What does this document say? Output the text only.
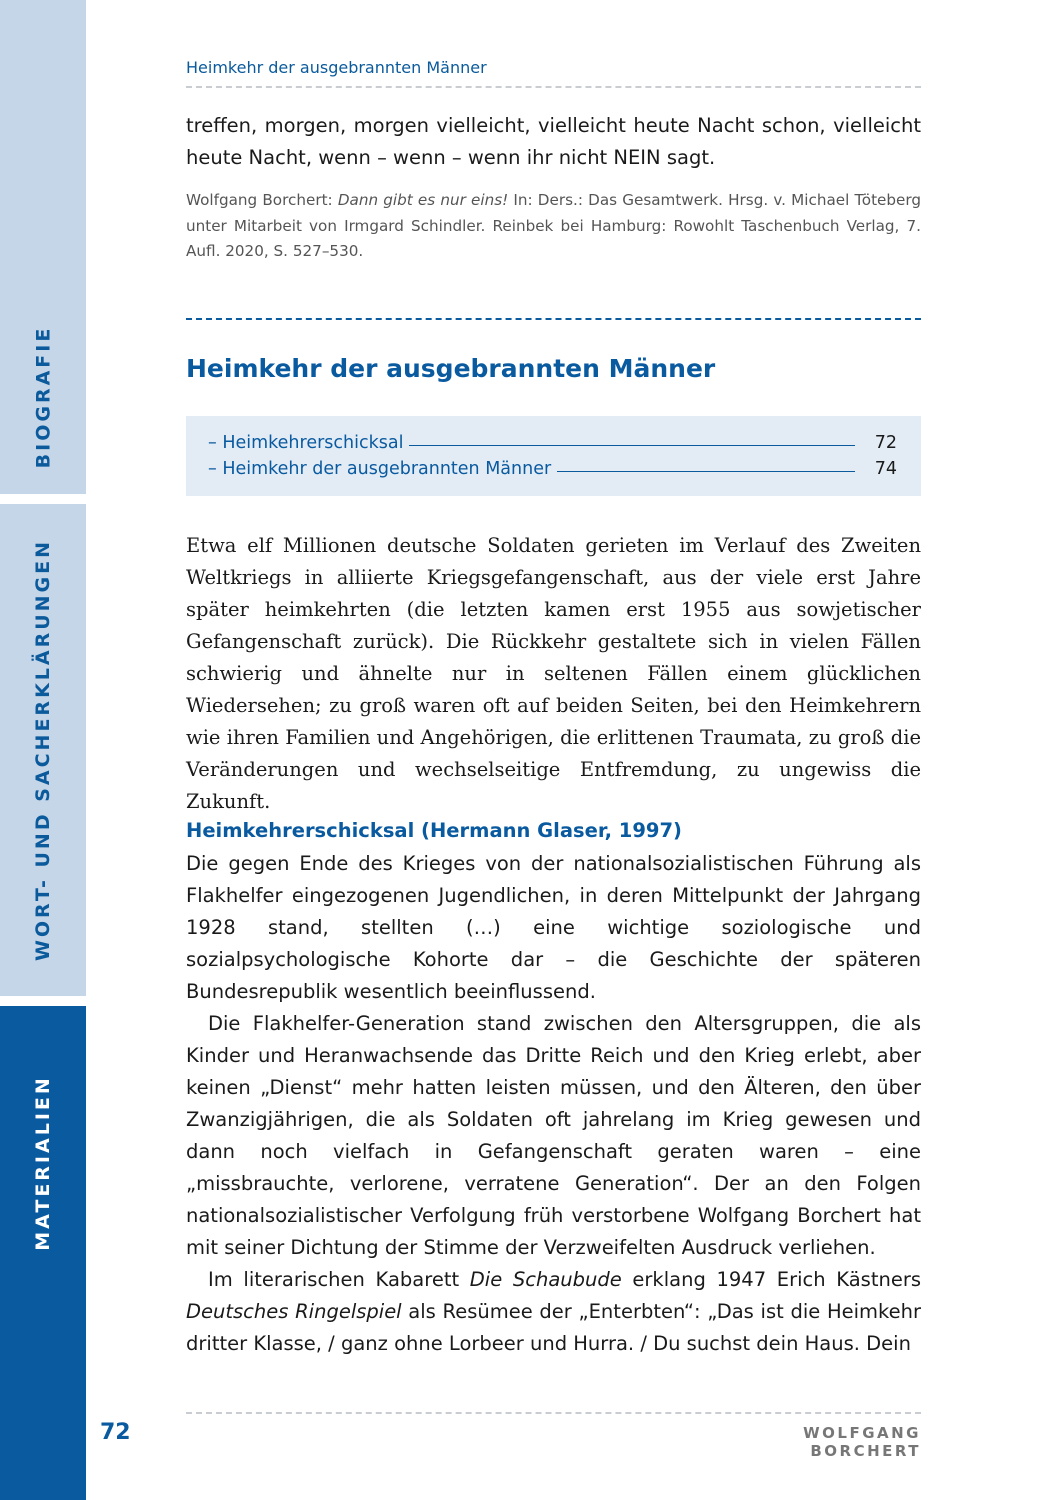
BIOGRAFIE
WORT- UND SACHERKLÄRUNGEN
MATERIALIEN
Heimkehr der ausgebrannten Männer

treffen, morgen, morgen vielleicht, vielleicht heute Nacht schon, vielleicht heute Nacht, wenn – wenn – wenn ihr nicht NEIN sagt.

Wolfgang Borchert: Dann gibt es nur eins! In: Ders.: Das Gesamtwerk. Hrsg. v. Michael Töteberg unter Mitarbeit von Irmgard Schindler. Reinbek bei Hamburg: Rowohlt Taschenbuch Verlag, 7. Aufl. 2020, S. 527–530.

Heimkehr der ausgebrannten Männer
– Heimkehrerschicksal	72
– Heimkehr der ausgebrannten Männer	74

Etwa elf Millionen deutsche Soldaten gerieten im Verlauf des Zweiten Weltkriegs in alliierte Kriegsgefangenschaft, aus der viele erst Jahre später heimkehrten (die letzten kamen erst 1955 aus sowjetischer Gefangenschaft zurück). Die Rückkehr gestaltete sich in vielen Fällen schwierig und ähnelte nur in seltenen Fällen einem glücklichen Wiedersehen; zu groß waren oft auf beiden Seiten, bei den Heimkehrern wie ihren Familien und Angehörigen, die erlittenen Traumata, zu groß die Veränderungen und wechselseitige Entfremdung, zu ungewiss die Zukunft.

Heimkehrerschicksal (Hermann Glaser, 1997)

Die gegen Ende des Krieges von der nationalsozialistischen Führung als Flakhelfer eingezogenen Jugendlichen, in deren Mittelpunkt der Jahrgang 1928 stand, stellten (…) eine wichtige soziologische und sozialpsychologische Kohorte dar – die Geschichte der späteren Bundesrepublik wesentlich beeinflussend.

Die Flakhelfer-Generation stand zwischen den Altersgruppen, die als Kinder und Heranwachsende das Dritte Reich und den Krieg erlebt, aber keinen „Dienst“ mehr hatten leisten müssen, und den Älteren, den über Zwanzigjährigen, die als Soldaten oft jahrelang im Krieg gewesen und dann noch vielfach in Gefangenschaft geraten waren – eine „missbrauchte, verlorene, verratene Generation“. Der an den Folgen nationalsozialistischer Verfolgung früh verstorbene Wolfgang Borchert hat mit seiner Dichtung der Stimme der Verzweifelten Ausdruck verliehen.

Im literarischen Kabarett Die Schaubude erklang 1947 Erich Kästners Deutsches Ringelspiel als Resümee der „Enterbten“: „Das ist die Heimkehr dritter Klasse, / ganz ohne Lorbeer und Hurra. / Du suchst dein Haus. Dein

72	WOLFGANG BORCHERT
